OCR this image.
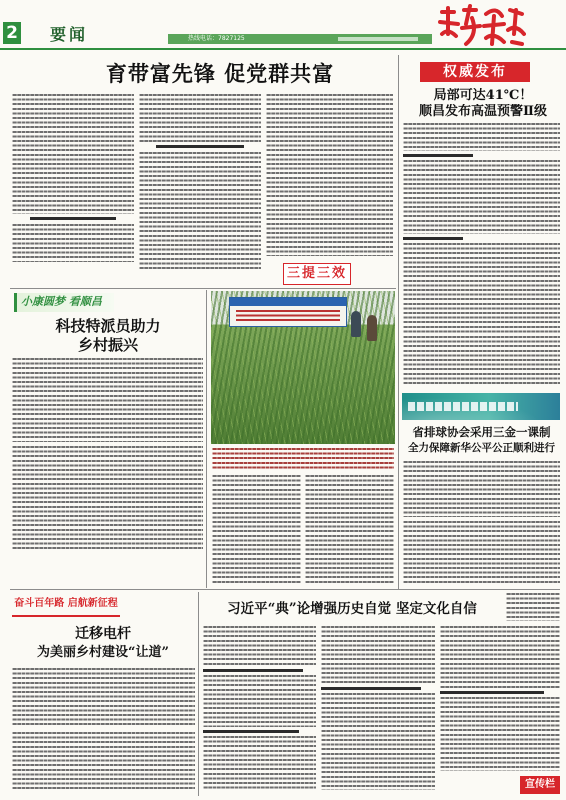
2 要闻	热线电话：7827125
育带富先锋 促党群共富
三提三效
权威发布
局部可达41℃！
顺昌发布高温预警Ⅱ级
小康圆梦 看顺昌
科技特派员助力
乡村振兴
省排球协会采用三金一课制
全力保障新华公平公正顺利进行
奋斗百年路 启航新征程
迁移电杆
为美丽乡村建设“让道”
习近平“典”论增强历史自觉 坚定文化自信
宣传栏
